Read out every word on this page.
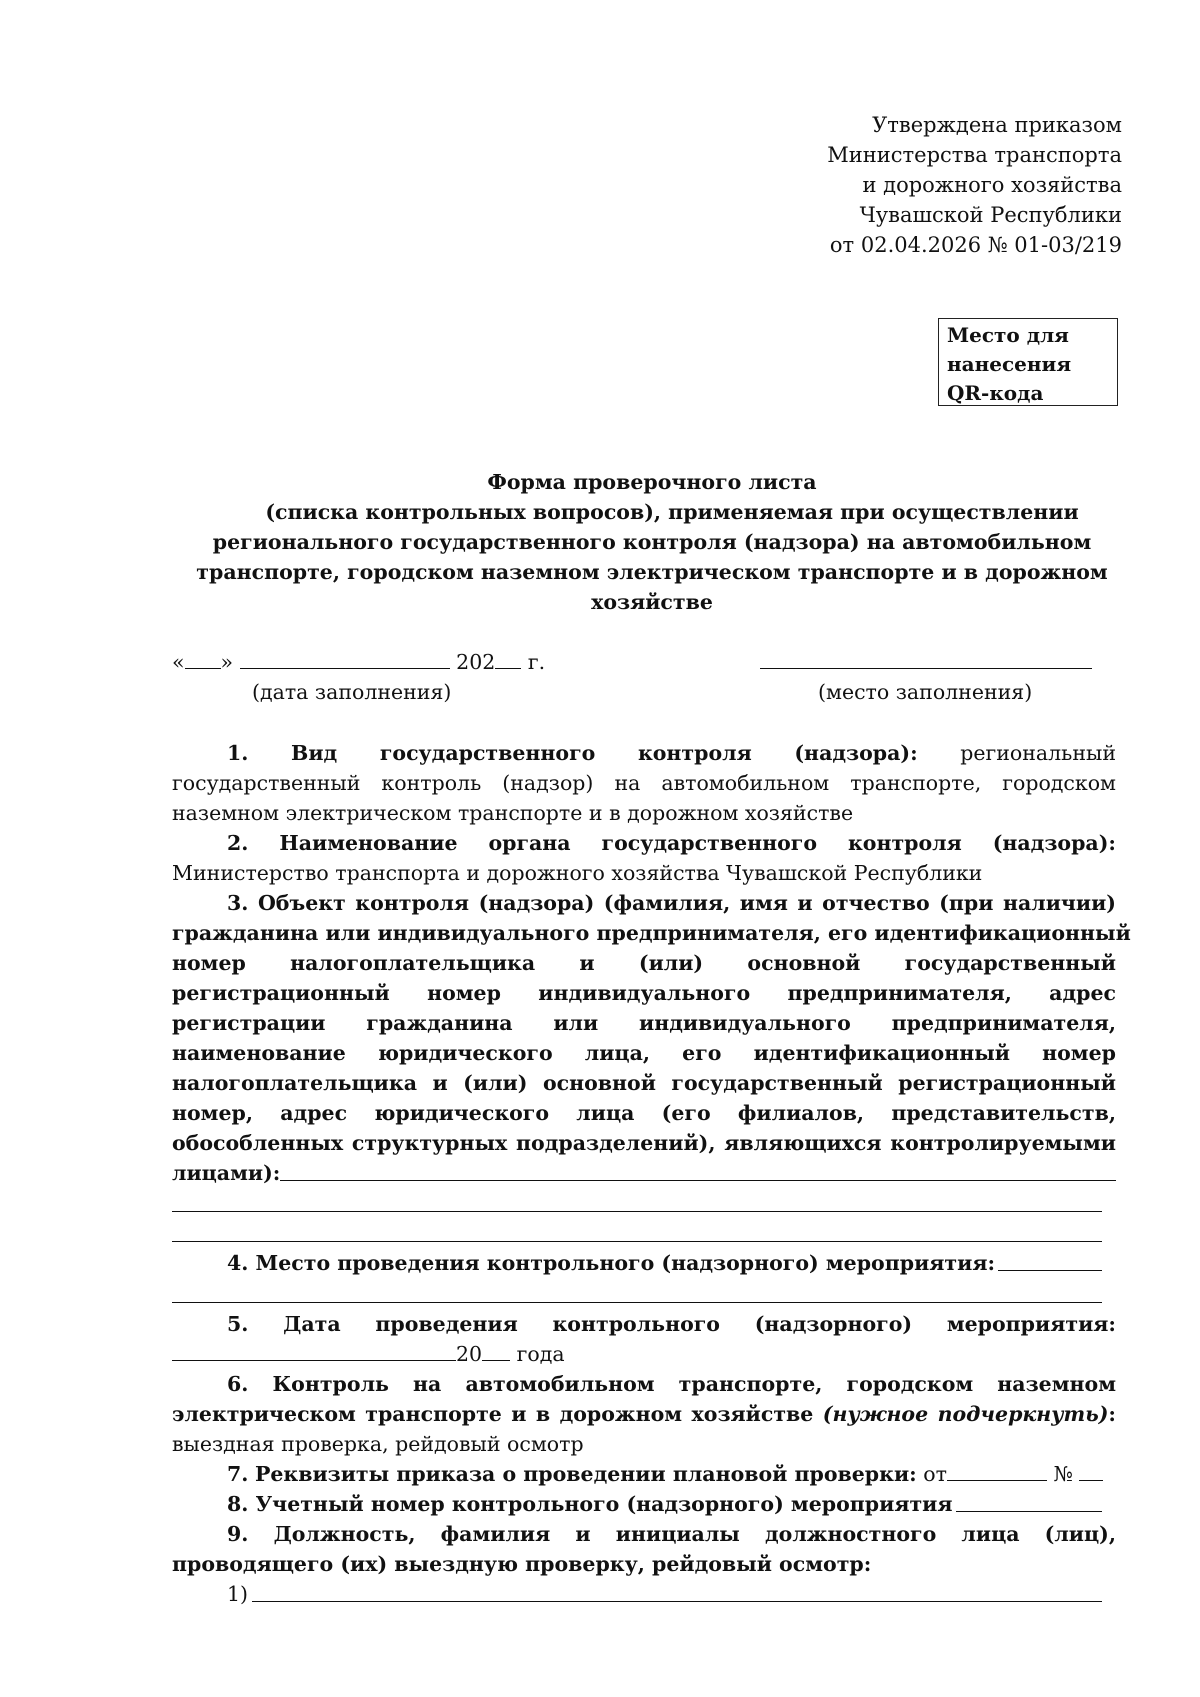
Утверждена приказом
Министерства транспорта
и дорожного хозяйства
Чувашской Республики
от 02.04.2026 № 01-03/219
Место для
нанесения
QR-кода
Форма проверочного листа
(списка контрольных вопросов), применяемая при осуществлении
регионального государственного контроля (надзора) на автомобильном
транспорте, городском наземном электрическом транспорте и в дорожном
хозяйстве
« »	202 г.
(дата заполнения)	(место заполнения)
1. Вид государственного контроля (надзора): региональный
государственный контроль (надзор) на автомобильном транспорте, городском
наземном электрическом транспорте и в дорожном хозяйстве
2. Наименование органа государственного контроля (надзора):
Министерство транспорта и дорожного хозяйства Чувашской Республики
3. Объект контроля (надзора) (фамилия, имя и отчество (при наличии)
гражданина или индивидуального предпринимателя, его идентификационный
номер налогоплательщика и (или) основной государственный
регистрационный номер индивидуального предпринимателя, адрес
регистрации гражданина или индивидуального предпринимателя,
наименование юридического лица, его идентификационный номер
налогоплательщика и (или) основной государственный регистрационный
номер, адрес юридического лица (его филиалов, представительств,
обособленных структурных подразделений), являющихся контролируемыми
лицами):
4. Место проведения контрольного (надзорного) мероприятия:
5. Дата проведения контрольного (надзорного) мероприятия:
20 года
6. Контроль на автомобильном транспорте, городском наземном
электрическом транспорте и в дорожном хозяйстве (нужное подчеркнуть):
выездная проверка, рейдовый осмотр
7. Реквизиты приказа о проведении плановой проверки: от	№
8. Учетный номер контрольного (надзорного) мероприятия
9. Должность, фамилия и инициалы должностного лица (лиц),
проводящего (их) выездную проверку, рейдовый осмотр:
1)
